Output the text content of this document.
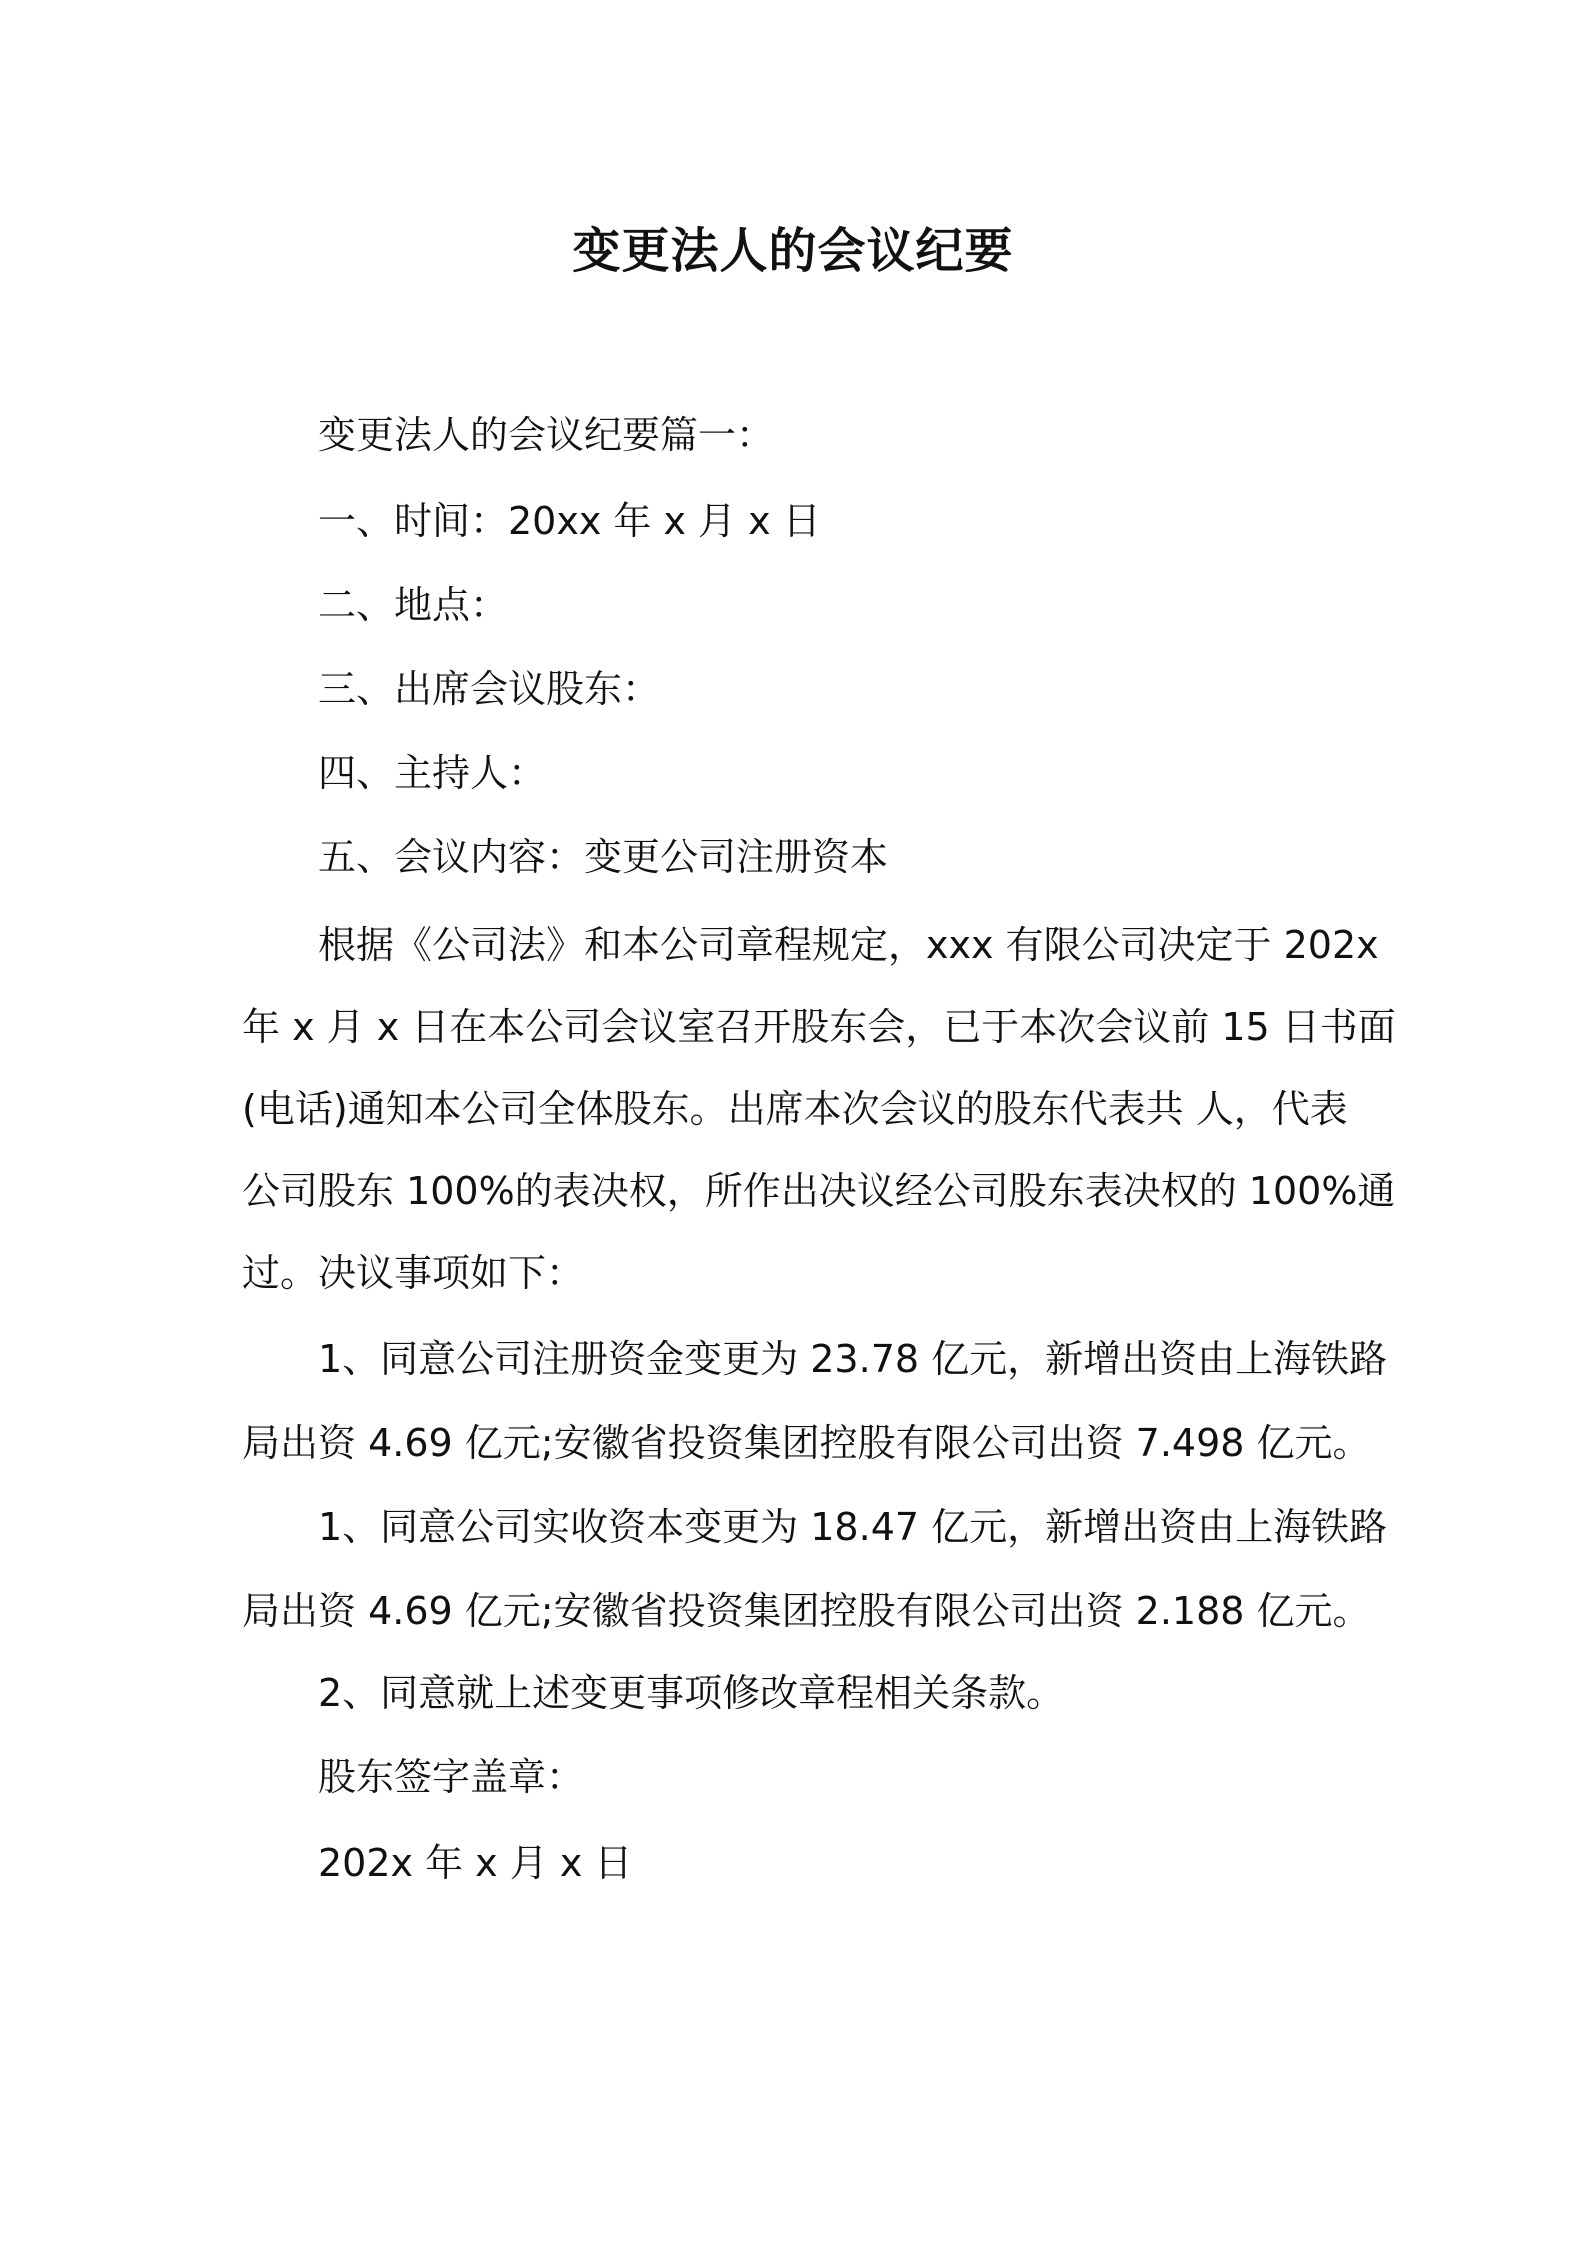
变更法人的会议纪要
变更法人的会议纪要篇一：
一、时间：20xx 年 x 月 x 日
二、地点：
三、出席会议股东：
四、主持人：
五、会议内容：变更公司注册资本
根据《公司法》和本公司章程规定，xxx 有限公司决定于 202x
年 x 月 x 日在本公司会议室召开股东会，已于本次会议前 15 日书面
(电话)通知本公司全体股东。出席本次会议的股东代表共 人，代表
公司股东 100%的表决权，所作出决议经公司股东表决权的 100%通
过。决议事项如下：
1、同意公司注册资金变更为 23.78 亿元，新增出资由上海铁路
局出资 4.69 亿元;安徽省投资集团控股有限公司出资 7.498 亿元。
1、同意公司实收资本变更为 18.47 亿元，新增出资由上海铁路
局出资 4.69 亿元;安徽省投资集团控股有限公司出资 2.188 亿元。
2、同意就上述变更事项修改章程相关条款。
股东签字盖章：
202x 年 x 月 x 日
